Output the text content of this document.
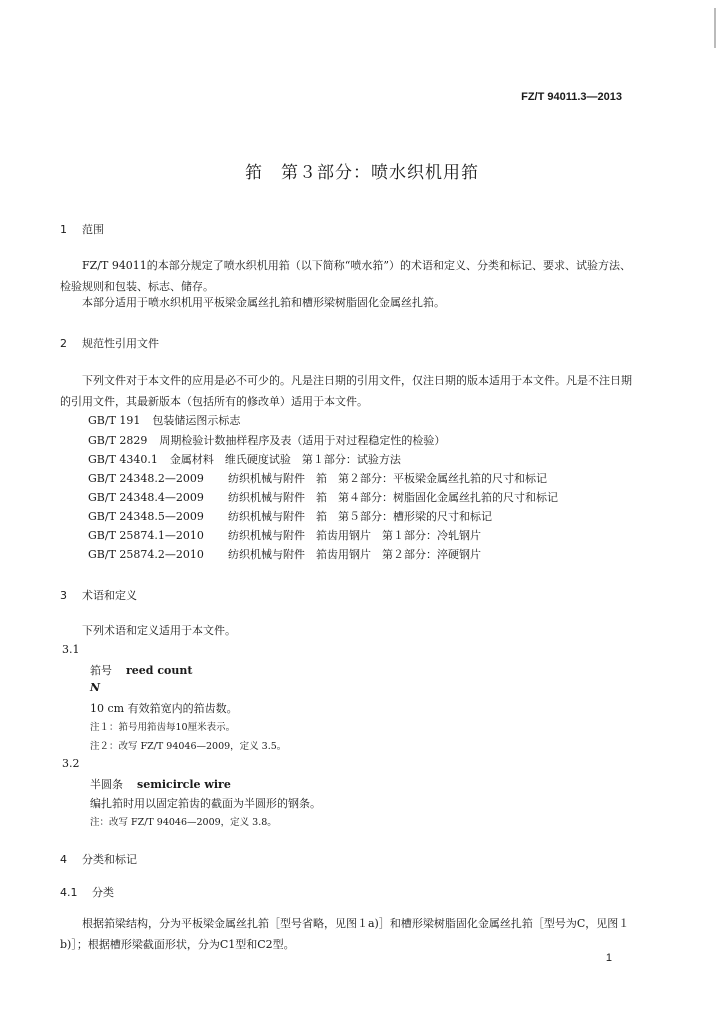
FZ/T 94011.3—2013
筘　第３部分：喷水织机用筘
1 范围
FZ/T 94011的本部分规定了喷水织机用筘（以下简称“喷水筘”）的术语和定义、分类和标记、要求、试验方法、检验规则和包装、标志、储存。
本部分适用于喷水织机用平板梁金属丝扎筘和槽形梁树脂固化金属丝扎筘。
2 规范性引用文件
下列文件对于本文件的应用是必不可少的。凡是注日期的引用文件，仅注日期的版本适用于本文件。凡是不注日期的引用文件，其最新版本（包括所有的修改单）适用于本文件。
GB/T 191 包装储运图示标志
GB/T 2829 周期检验计数抽样程序及表（适用于对过程稳定性的检验）
GB/T 4340.1 金属材料　维氏硬度试验　第１部分：试验方法
GB/T 24348.2—2009 纺织机械与附件　筘　第２部分：平板梁金属丝扎筘的尺寸和标记
GB/T 24348.4—2009 纺织机械与附件　筘　第４部分：树脂固化金属丝扎筘的尺寸和标记
GB/T 24348.5—2009 纺织机械与附件　筘　第５部分：槽形梁的尺寸和标记
GB/T 25874.1—2010 纺织机械与附件　筘齿用钢片　第１部分：冷轧钢片
GB/T 25874.2—2010 纺织机械与附件　筘齿用钢片　第２部分：淬硬钢片
3 术语和定义
下列术语和定义适用于本文件。
3.1
筘号 reed count
N
10 cm 有效筘宽内的筘齿数。
注１：筘号用筘齿每10厘米表示。
注２：改写 FZ/T 94046—2009，定义 3.5。
3.2
半圆条 semicircle wire
编扎筘时用以固定筘齿的截面为半圆形的钢条。
注：改写 FZ/T 94046—2009，定义 3.8。
4 分类和标记
4.1 分类
根据筘梁结构，分为平板梁金属丝扎筘［型号省略，见图１a)］和槽形梁树脂固化金属丝扎筘［型号为C，见图１b)］；根据槽形梁截面形状，分为C1型和C2型。
1
